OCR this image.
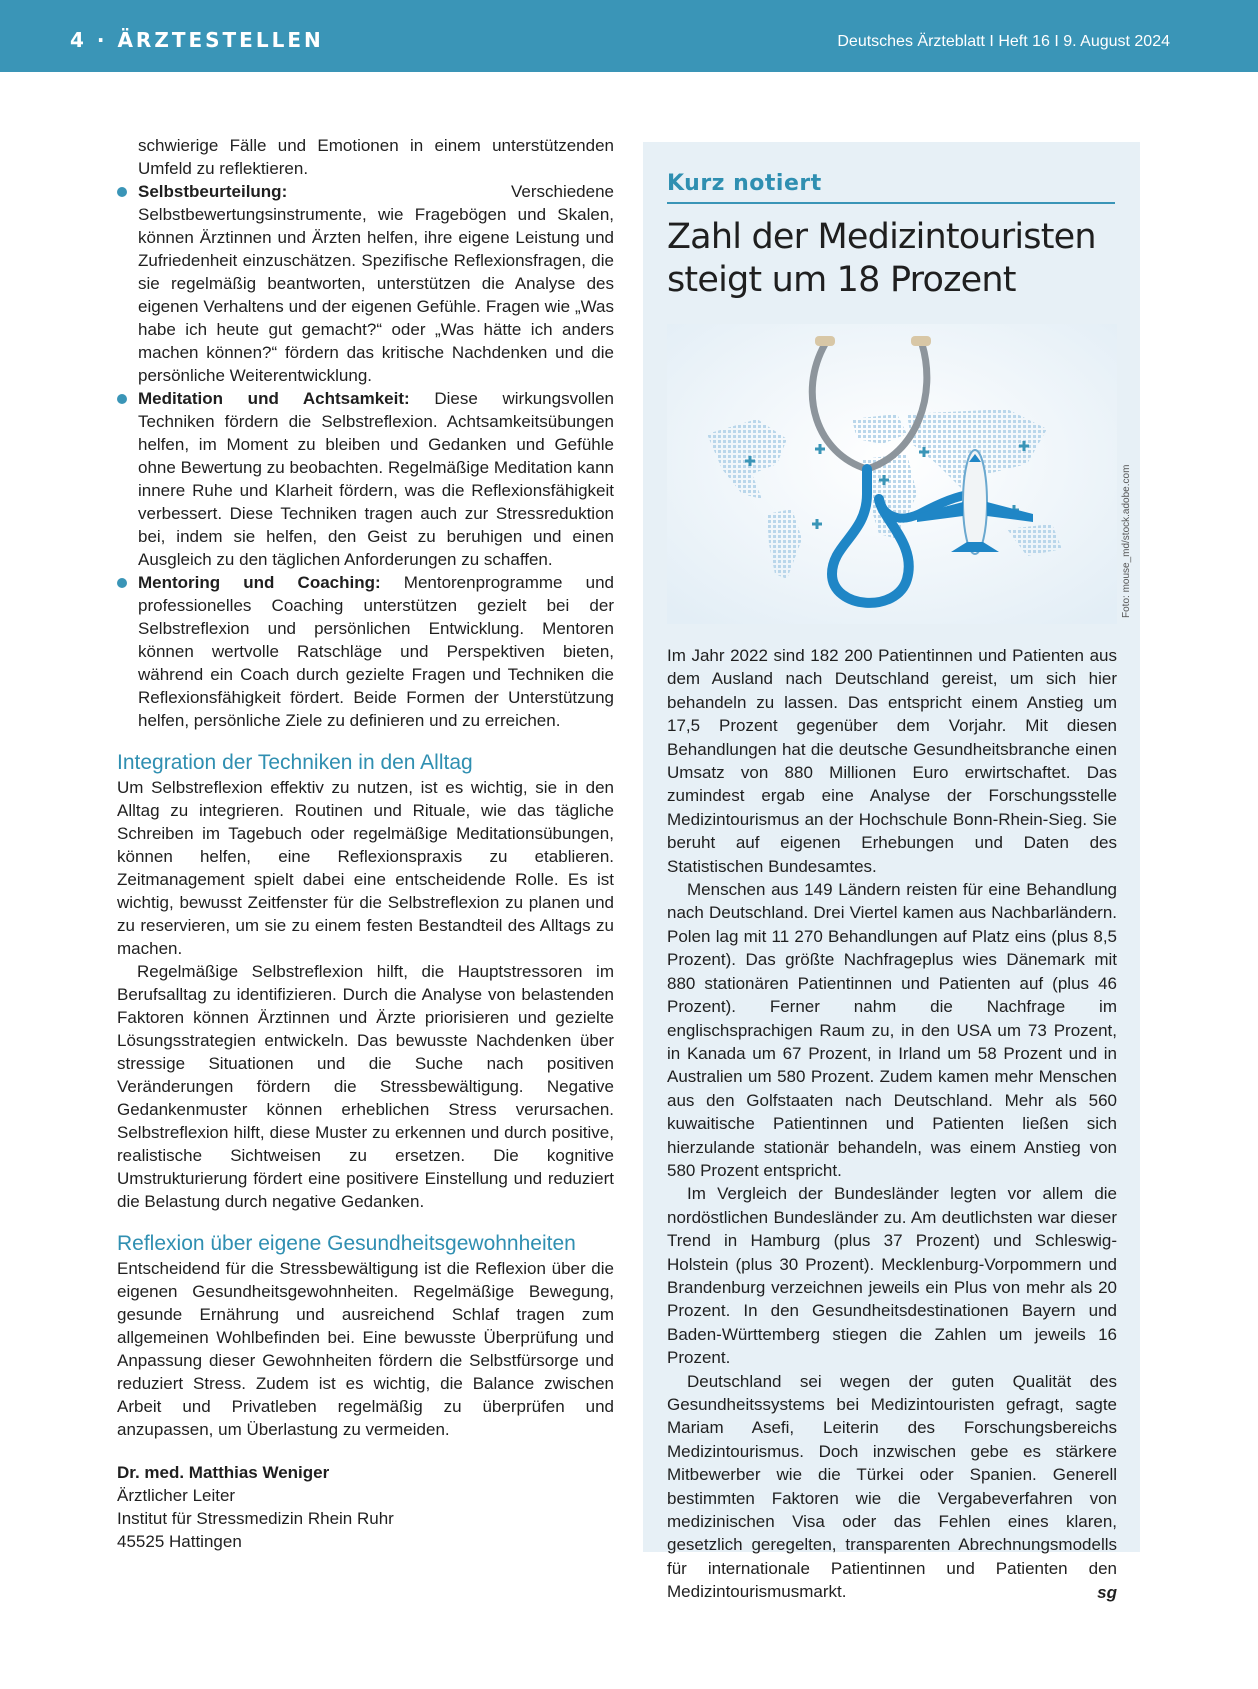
4 · ÄRZTESTELLEN	Deutsches Ärzteblatt I Heft 16 I 9. August 2024

schwierige Fälle und Emotionen in einem unterstützenden Umfeld zu reflektieren.

Selbstbeurteilung: Verschiedene Selbstbewertungsinstrumente, wie Fragebögen und Skalen, können Ärztinnen und Ärzten helfen, ihre eigene Leistung und Zufriedenheit einzuschätzen. Spezifische Reflexionsfragen, die sie regelmäßig beantworten, unterstützen die Analyse des eigenen Verhaltens und der eigenen Gefühle. Fragen wie „Was habe ich heute gut gemacht?“ oder „Was hätte ich anders machen können?“ fördern das kritische Nachdenken und die persönliche Weiterentwicklung.

Meditation und Achtsamkeit: Diese wirkungsvollen Techniken fördern die Selbstreflexion. Achtsamkeitsübungen helfen, im Moment zu bleiben und Gedanken und Gefühle ohne Bewertung zu beobachten. Regelmäßige Meditation kann innere Ruhe und Klarheit fördern, was die Reflexionsfähigkeit verbessert. Diese Techniken tragen auch zur Stressreduktion bei, indem sie helfen, den Geist zu beruhigen und einen Ausgleich zu den täglichen Anforderungen zu schaffen.

Mentoring und Coaching: Mentorenprogramme und professionelles Coaching unterstützen gezielt bei der Selbstreflexion und persönlichen Entwicklung. Mentoren können wertvolle Ratschläge und Perspektiven bieten, während ein Coach durch gezielte Fragen und Techniken die Reflexionsfähigkeit fördert. Beide Formen der Unterstützung helfen, persönliche Ziele zu definieren und zu erreichen.

Integration der Techniken in den Alltag

Um Selbstreflexion effektiv zu nutzen, ist es wichtig, sie in den Alltag zu integrieren. Routinen und Rituale, wie das tägliche Schreiben im Tagebuch oder regelmäßige Meditationsübungen, können helfen, eine Reflexionspraxis zu etablieren. Zeitmanagement spielt dabei eine entscheidende Rolle. Es ist wichtig, bewusst Zeitfenster für die Selbstreflexion zu planen und zu reservieren, um sie zu einem festen Bestandteil des Alltags zu machen.

Regelmäßige Selbstreflexion hilft, die Hauptstressoren im Berufsalltag zu identifizieren. Durch die Analyse von belastenden Faktoren können Ärztinnen und Ärzte priorisieren und gezielte Lösungsstrategien entwickeln. Das bewusste Nachdenken über stressige Situationen und die Suche nach positiven Veränderungen fördern die Stressbewältigung. Negative Gedankenmuster können erheblichen Stress verursachen. Selbstreflexion hilft, diese Muster zu erkennen und durch positive, realistische Sichtweisen zu ersetzen. Die kognitive Umstrukturierung fördert eine positivere Einstellung und reduziert die Belastung durch negative Gedanken.

Reflexion über eigene Gesundheitsgewohnheiten

Entscheidend für die Stressbewältigung ist die Reflexion über die eigenen Gesundheitsgewohnheiten. Regelmäßige Bewegung, gesunde Ernährung und ausreichend Schlaf tragen zum allgemeinen Wohlbefinden bei. Eine bewusste Überprüfung und Anpassung dieser Gewohnheiten fördern die Selbstfürsorge und reduziert Stress. Zudem ist es wichtig, die Balance zwischen Arbeit und Privatleben regelmäßig zu überprüfen und anzupassen, um Überlastung zu vermeiden.

Dr. med. Matthias Weniger
Ärztlicher Leiter
Institut für Stressmedizin Rhein Ruhr
45525 Hattingen
Kurz notiert
Zahl der Medizintouristen steigt um 18 Prozent
Foto: mouse_md/stock.adobe.com

Im Jahr 2022 sind 182 200 Patientinnen und Patienten aus dem Ausland nach Deutschland gereist, um sich hier behandeln zu lassen. Das entspricht einem Anstieg um 17,5 Prozent gegenüber dem Vorjahr. Mit diesen Behandlungen hat die deutsche Gesundheitsbranche einen Umsatz von 880 Millionen Euro erwirtschaftet. Das zumindest ergab eine Analyse der Forschungsstelle Medizintourismus an der Hochschule Bonn-Rhein-Sieg. Sie beruht auf eigenen Erhebungen und Daten des Statistischen Bundesamtes.

Menschen aus 149 Ländern reisten für eine Behandlung nach Deutschland. Drei Viertel kamen aus Nachbarländern. Polen lag mit 11 270 Behandlungen auf Platz eins (plus 8,5 Prozent). Das größte Nachfrageplus wies Dänemark mit 880 stationären Patientinnen und Patienten auf (plus 46 Prozent). Ferner nahm die Nachfrage im englischsprachigen Raum zu, in den USA um 73 Prozent, in Kanada um 67 Prozent, in Irland um 58 Prozent und in Australien um 580 Prozent. Zudem kamen mehr Menschen aus den Golfstaaten nach Deutschland. Mehr als 560 kuwaitische Patientinnen und Patienten ließen sich hierzulande stationär behandeln, was einem Anstieg von 580 Prozent entspricht.

Im Vergleich der Bundesländer legten vor allem die nordöstlichen Bundesländer zu. Am deutlichsten war dieser Trend in Hamburg (plus 37 Prozent) und Schleswig-Holstein (plus 30 Prozent). Mecklenburg-Vorpommern und Brandenburg verzeichnen jeweils ein Plus von mehr als 20 Prozent. In den Gesundheitsdestinationen Bayern und Baden-Württemberg stiegen die Zahlen um jeweils 16 Prozent.

Deutschland sei wegen der guten Qualität des Gesundheitssystems bei Medizintouristen gefragt, sagte Mariam Asefi, Leiterin des Forschungsbereichs Medizintourismus. Doch inzwischen gebe es stärkere Mitbewerber wie die Türkei oder Spanien. Generell bestimmten Faktoren wie die Vergabeverfahren von medizinischen Visa oder das Fehlen eines klaren, gesetzlich geregelten, transparenten Abrechnungsmodells für internationale Patientinnen und Patienten den Medizintourismusmarkt.	sg
